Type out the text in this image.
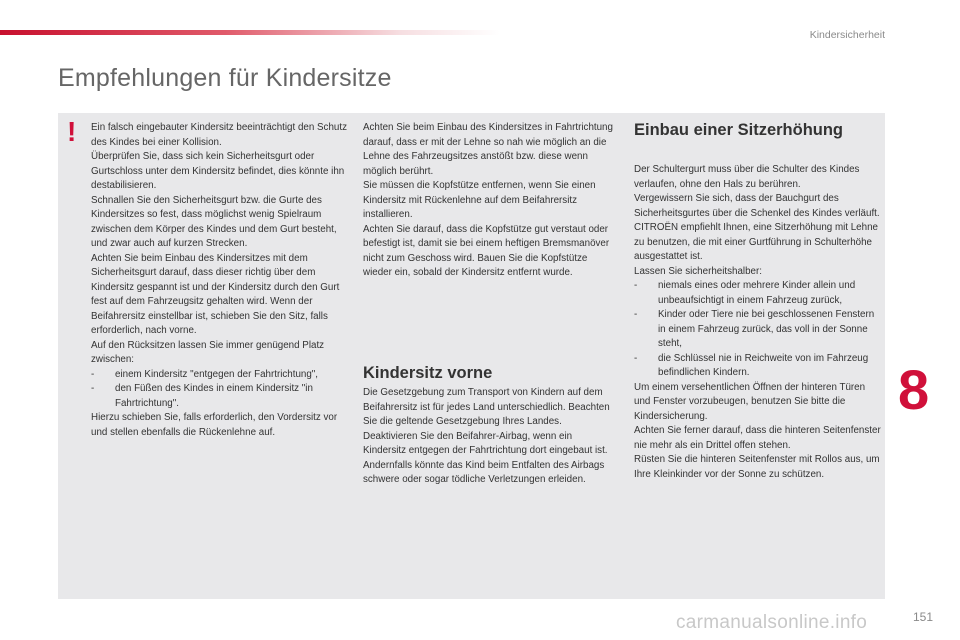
Kindersicherheit
Empfehlungen für Kindersitze
! Ein falsch eingebauter Kindersitz beeinträchtigt den Schutz des Kindes bei einer Kollision.

Überprüfen Sie, dass sich kein Sicherheitsgurt oder Gurtschloss unter dem Kindersitz befindet, dies könnte ihn destabilisieren.

Schnallen Sie den Sicherheitsgurt bzw. die Gurte des Kindersitzes so fest, dass möglichst wenig Spielraum zwischen dem Körper des Kindes und dem Gurt besteht, und zwar auch auf kurzen Strecken.

Achten Sie beim Einbau des Kindersitzes mit dem Sicherheitsgurt darauf, dass dieser richtig über dem Kindersitz gespannt ist und der Kindersitz durch den Gurt fest auf dem Fahrzeugsitz gehalten wird. Wenn der Beifahrersitz einstellbar ist, schieben Sie den Sitz, falls erforderlich, nach vorne.

Auf den Rücksitzen lassen Sie immer genügend Platz zwischen:

-	einem Kindersitz "entgegen der Fahrtrichtung",
-	den Füßen des Kindes in einem Kindersitz "in Fahrtrichtung".

Hierzu schieben Sie, falls erforderlich, den Vordersitz vor und stellen ebenfalls die Rückenlehne auf.

Achten Sie beim Einbau des Kindersitzes in Fahrtrichtung darauf, dass er mit der Lehne so nah wie möglich an die Lehne des Fahrzeugsitzes anstößt bzw. diese wenn möglich berührt.

Sie müssen die Kopfstütze entfernen, wenn Sie einen Kindersitz mit Rückenlehne auf dem Beifahrersitz installieren.

Achten Sie darauf, dass die Kopfstütze gut verstaut oder befestigt ist, damit sie bei einem heftigen Bremsmanöver nicht zum Geschoss wird. Bauen Sie die Kopfstütze wieder ein, sobald der Kindersitz entfernt wurde.

Kindersitz vorne

Die Gesetzgebung zum Transport von Kindern auf dem Beifahrersitz ist für jedes Land unterschiedlich. Beachten Sie die geltende Gesetzgebung Ihres Landes.

Deaktivieren Sie den Beifahrer-Airbag, wenn ein Kindersitz entgegen der Fahrtrichtung dort eingebaut ist.

Andernfalls könnte das Kind beim Entfalten des Airbags schwere oder sogar tödliche Verletzungen erleiden.

Einbau einer Sitzerhöhung

Der Schultergurt muss über die Schulter des Kindes verlaufen, ohne den Hals zu berühren.

Vergewissern Sie sich, dass der Bauchgurt des Sicherheitsgurtes über die Schenkel des Kindes verläuft.

CITROËN empfiehlt Ihnen, eine Sitzerhöhung mit Lehne zu benutzen, die mit einer Gurtführung in Schulterhöhe ausgestattet ist.

Lassen Sie sicherheitshalber:

-	niemals eines oder mehrere Kinder allein und unbeaufsichtigt in einem Fahrzeug zurück,
-	Kinder oder Tiere nie bei geschlossenen Fenstern in einem Fahrzeug zurück, das voll in der Sonne steht,
-	die Schlüssel nie in Reichweite von im Fahrzeug befindlichen Kindern.

Um einem versehentlichen Öffnen der hinteren Türen und Fenster vorzubeugen, benutzen Sie bitte die Kindersicherung.

Achten Sie ferner darauf, dass die hinteren Seitenfenster nie mehr als ein Drittel offen stehen.

Rüsten Sie die hinteren Seitenfenster mit Rollos aus, um Ihre Kleinkinder vor der Sonne zu schützen.

8
carmanualsonline.info	151
